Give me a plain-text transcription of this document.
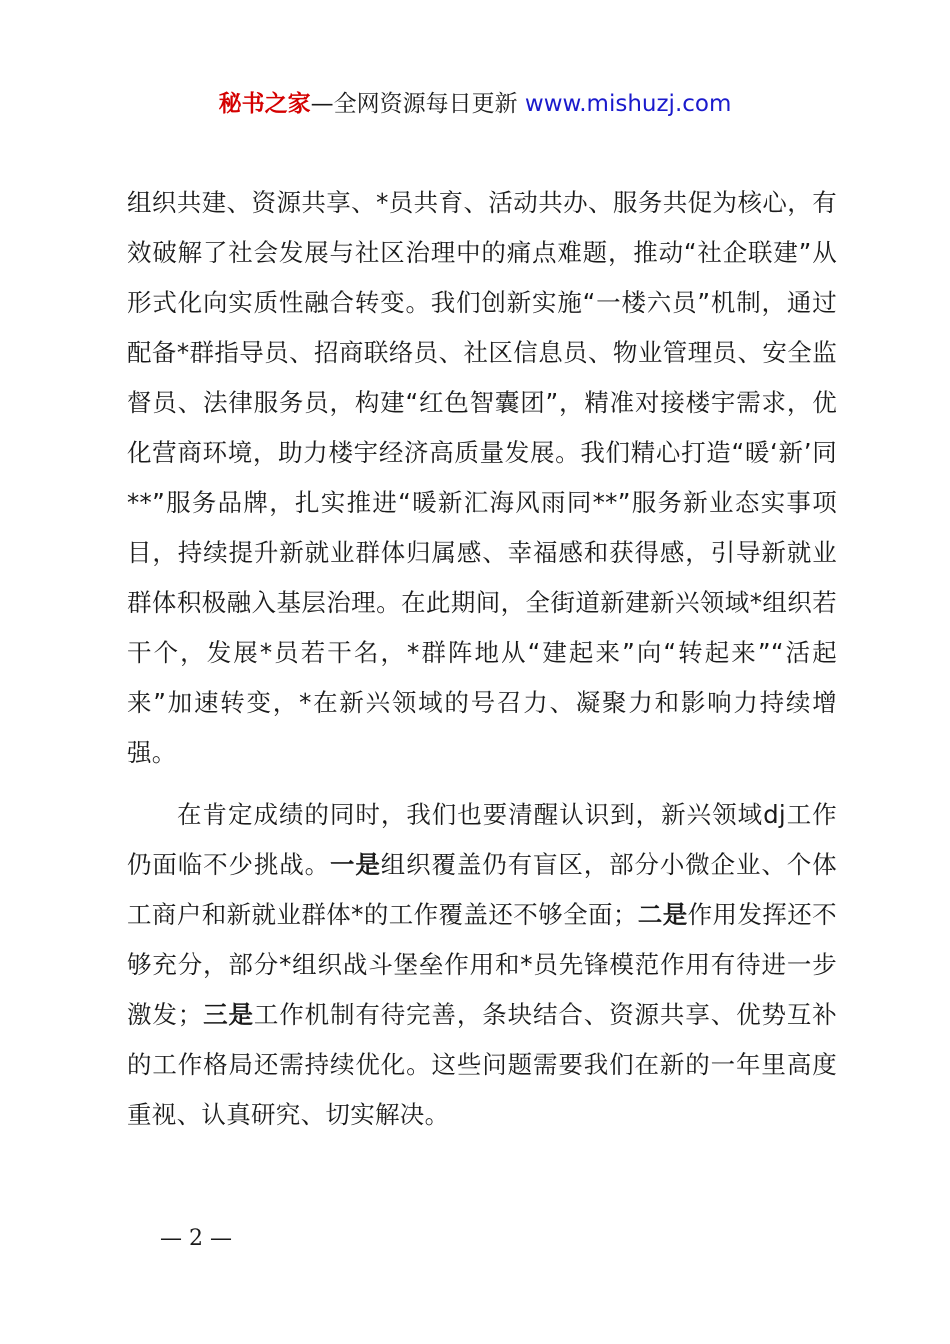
秘书之家—全网资源每日更新 www.mishuzj.com

组织共建、资源共享、*员共育、活动共办、服务共促为核心，有效破解了社会发展与社区治理中的痛点难题，推动“社企联建”从形式化向实质性融合转变。我们创新实施“一楼六员”机制，通过配备*群指导员、招商联络员、社区信息员、物业管理员、安全监督员、法律服务员，构建“红色智囊团”，精准对接楼宇需求，优化营商环境，助力楼宇经济高质量发展。我们精心打造“暖‘新’同**”服务品牌，扎实推进“暖新汇海风雨同**”服务新业态实事项目，持续提升新就业群体归属感、幸福感和获得感，引导新就业群体积极融入基层治理。在此期间，全街道新建新兴领域*组织若干个，发展*员若干名，*群阵地从“建起来”向“转起来”“活起来”加速转变，*在新兴领域的号召力、凝聚力和影响力持续增强。

在肯定成绩的同时，我们也要清醒认识到，新兴领域dj工作仍面临不少挑战。一是组织覆盖仍有盲区，部分小微企业、个体工商户和新就业群体*的工作覆盖还不够全面；二是作用发挥还不够充分，部分*组织战斗堡垒作用和*员先锋模范作用有待进一步激发；三是工作机制有待完善，条块结合、资源共享、优势互补的工作格局还需持续优化。这些问题需要我们在新的一年里高度重视、认真研究、切实解决。

— 2 —
